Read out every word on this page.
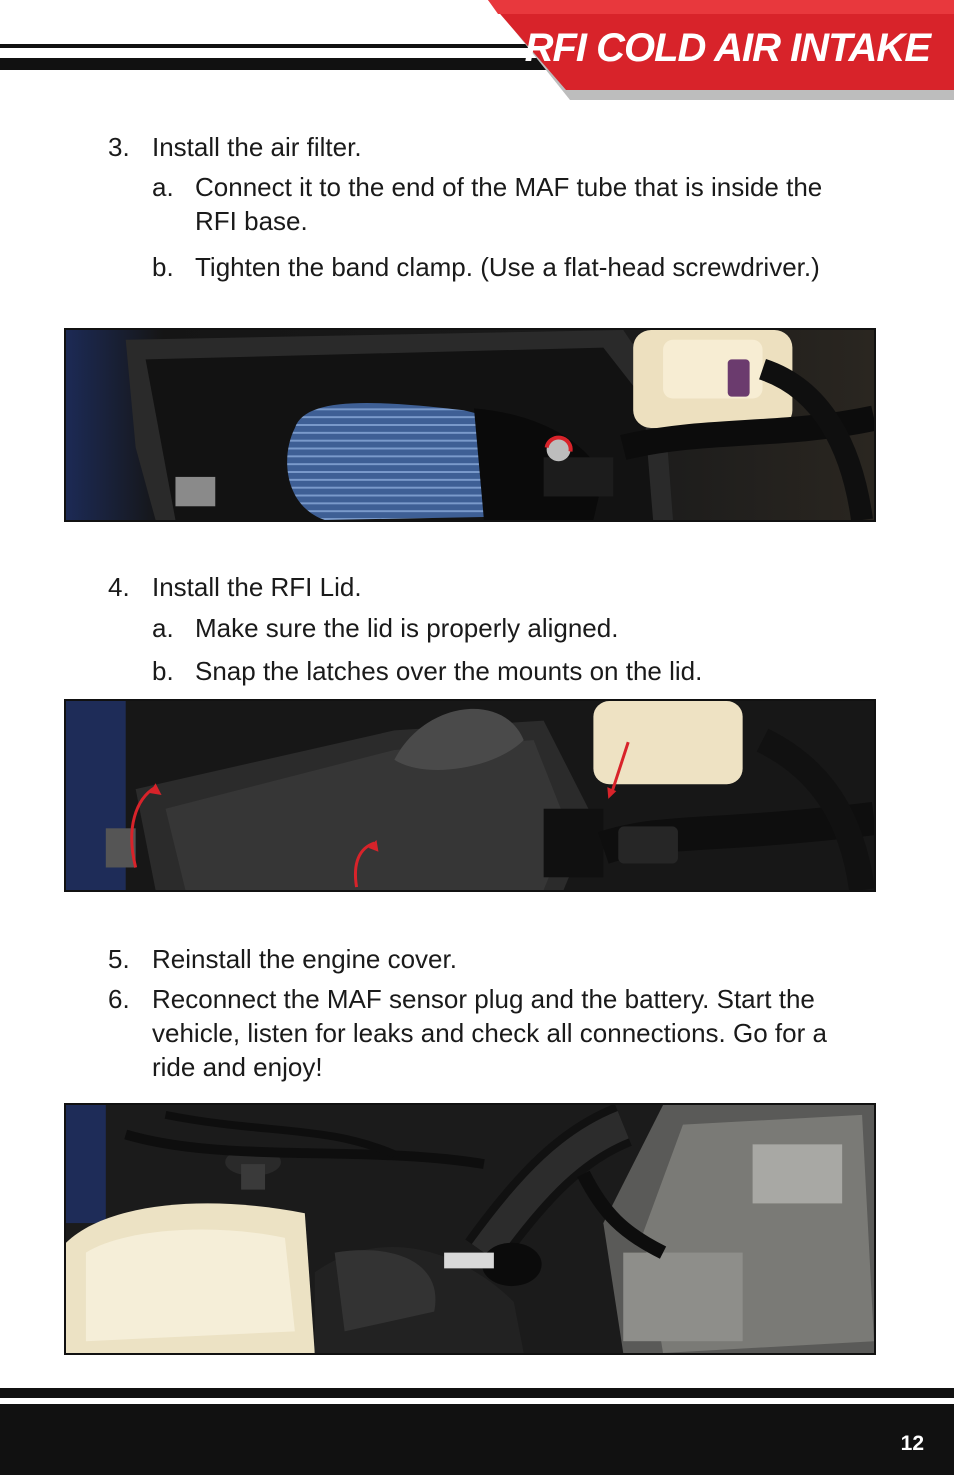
RFI COLD AIR INTAKE
3. Install the air filter.
a. Connect it to the end of the MAF tube that is inside the RFI base.
b. Tighten the band clamp. (Use a flat-head screwdriver.)
4. Install the RFI Lid.
a. Make sure the lid is properly aligned.
b. Snap the latches over the mounts on the lid.
5. Reinstall the engine cover.
6. Reconnect the MAF sensor plug and the battery. Start the vehicle, listen for leaks and check all connections. Go for a ride and enjoy!
12
